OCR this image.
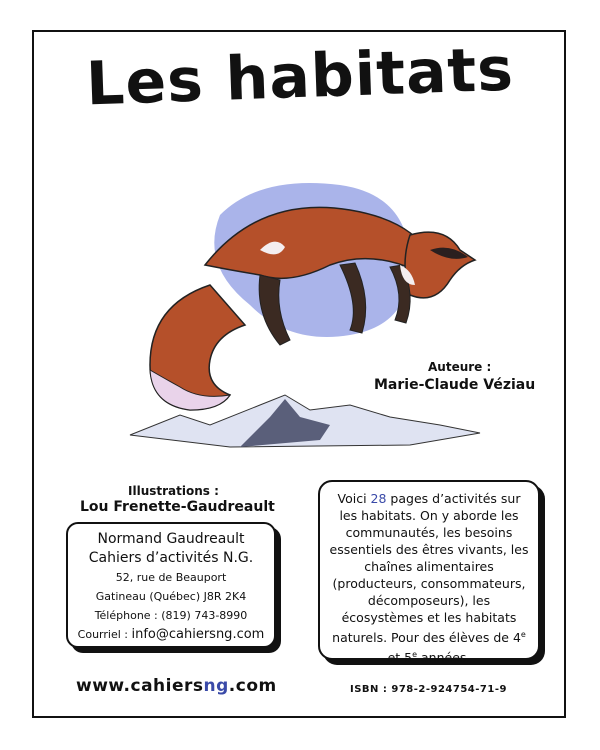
Les habitats
Auteure :
Marie-Claude Véziau
Illustrations :
Lou Frenette-Gaudreault
Normand Gaudreault
Cahiers d’activités N.G.
52, rue de Beauport
Gatineau (Québec) J8R 2K4
Téléphone : (819) 743-8990
Courriel : info@cahiersng.com
Voici 28 pages d’activités sur les habitats. On y aborde les communautés, les besoins essentiels des êtres vivants, les chaînes alimentaires (producteurs, consommateurs, décomposeurs), les écosystèmes et les habitats naturels. Pour des élèves de 4e et 5e années.
www.cahiersng.com	ISBN : 978-2-924754-71-9
